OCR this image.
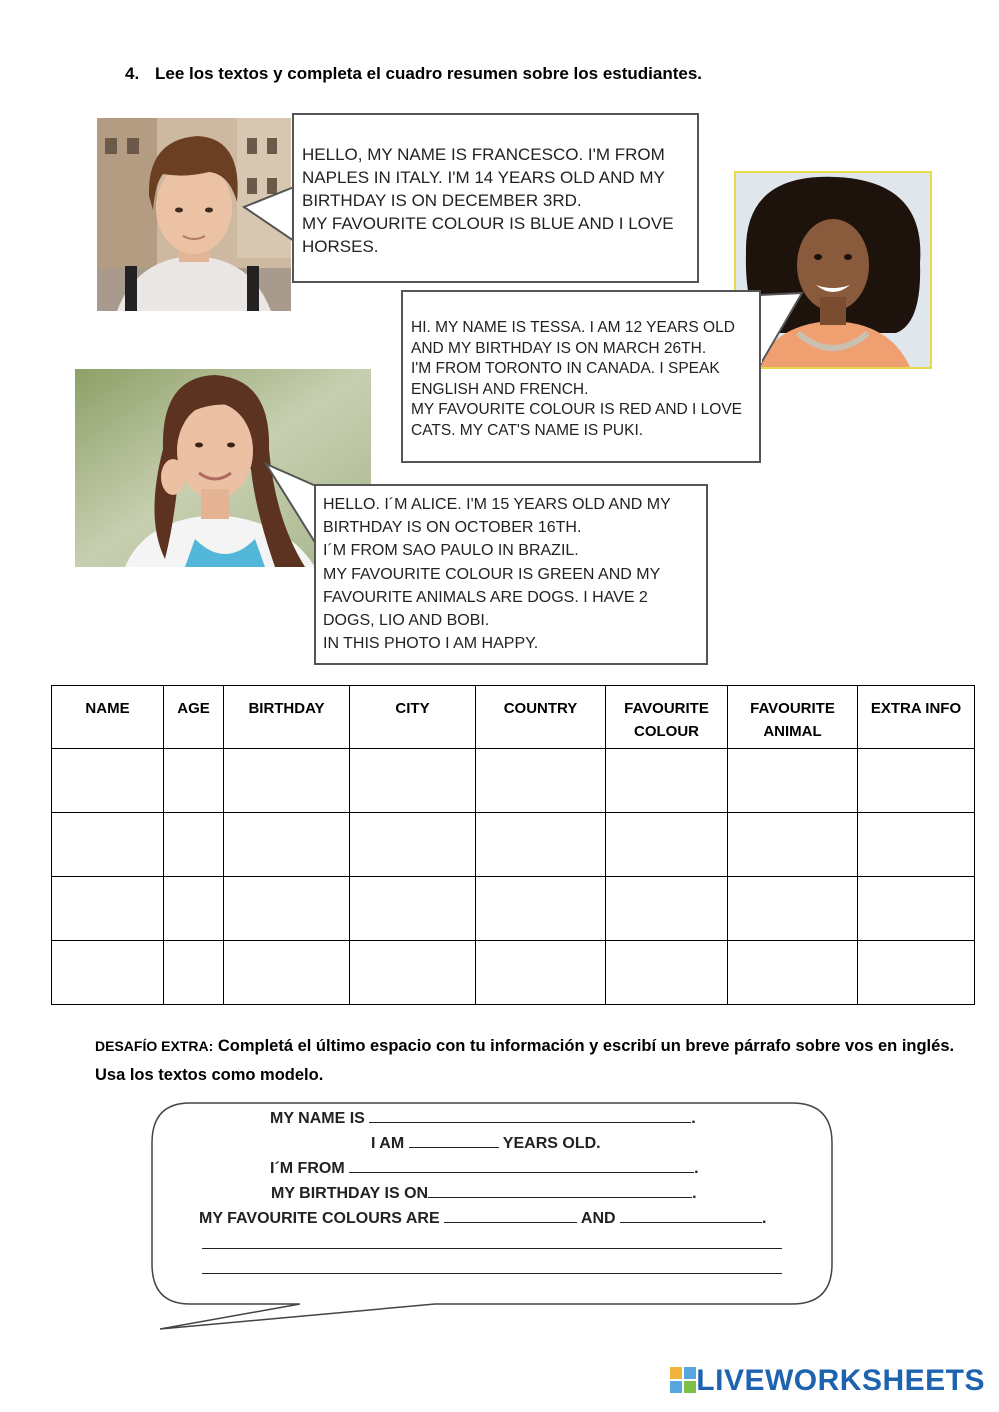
4. Lee los textos y completa el cuadro resumen sobre los estudiantes.

HELLO, MY NAME IS FRANCESCO. I'M FROM

NAPLES IN ITALY. I'M 14 YEARS OLD AND MY

BIRTHDAY IS ON DECEMBER 3RD.

MY FAVOURITE COLOUR IS BLUE AND I LOVE

HORSES.

HI. MY NAME IS TESSA. I AM 12 YEARS OLD

AND MY BIRTHDAY IS ON MARCH 26TH.

I'M FROM TORONTO IN CANADA. I SPEAK

ENGLISH AND FRENCH.

MY FAVOURITE COLOUR IS RED AND I LOVE

CATS. MY CAT'S NAME IS PUKI.

HELLO. I´M ALICE. I'M 15 YEARS OLD AND MY

BIRTHDAY IS ON OCTOBER 16TH.

I´M FROM SAO PAULO IN BRAZIL.

MY FAVOURITE COLOUR IS GREEN AND MY

FAVOURITE ANIMALS ARE DOGS. I HAVE 2

DOGS, LIO AND BOBI.

IN THIS PHOTO I AM HAPPY.

NAME	AGE	BIRTHDAY	CITY	COUNTRY	FAVOURITE COLOUR	FAVOURITE ANIMAL	EXTRA INFO

DESAFÍO EXTRA: Completá el último espacio con tu información y escribí un breve párrafo sobre vos en inglés. Usa los textos como modelo.
MY NAME IS	.
I AM	YEARS OLD.
I´M FROM	.
MY BIRTHDAY IS ON	.
MY FAVOURITE COLOURS ARE	AND	.
LIVEWORKSHEETS
